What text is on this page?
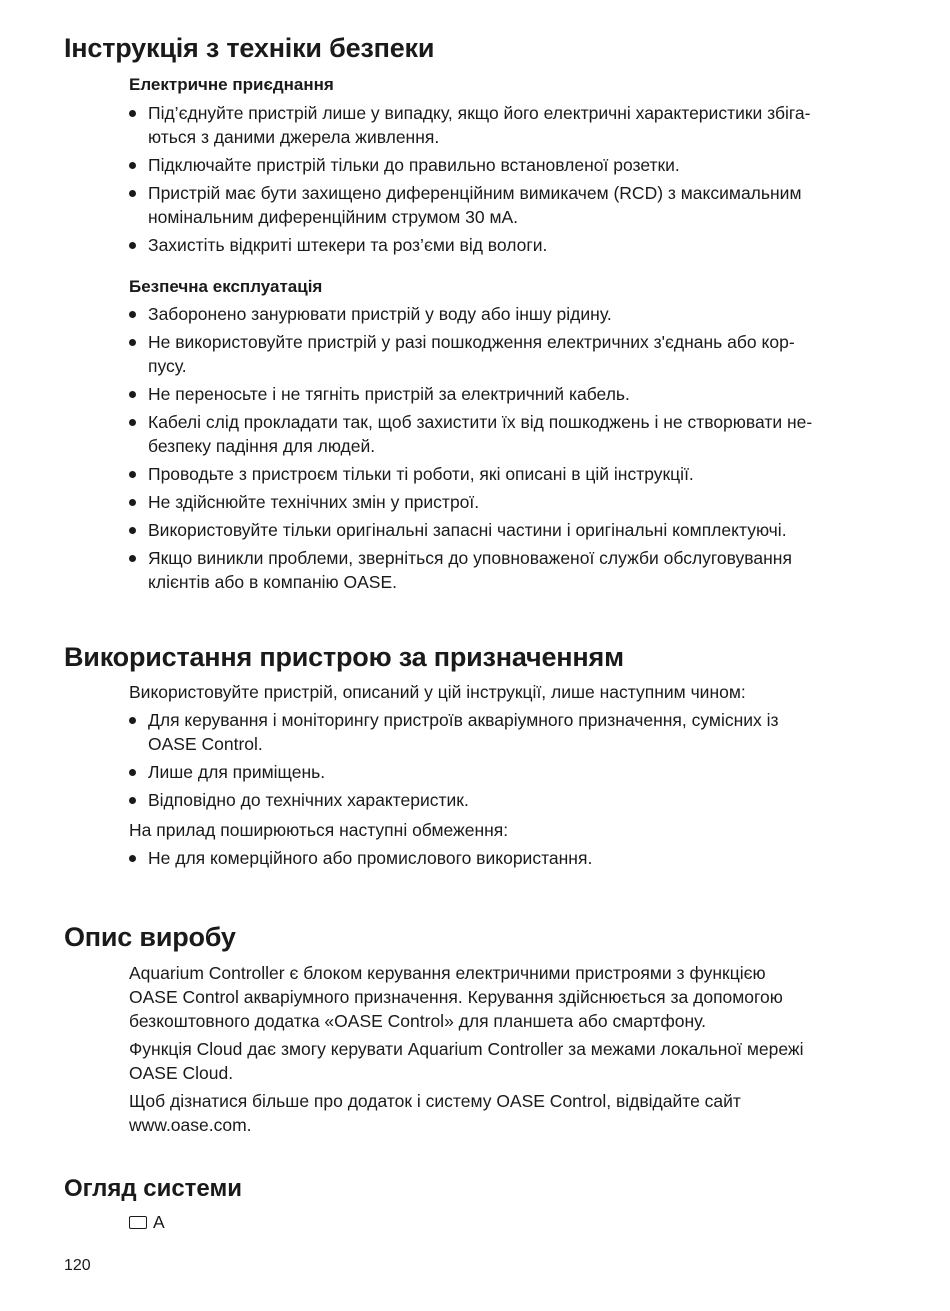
Інструкція з техніки безпеки
Електричне приєднання
Під’єднуйте пристрій лише у випадку, якщо його електричні характеристики збіга-
ються з даними джерела живлення.
Підключайте пристрій тільки до правильно встановленої розетки.
Пристрій має бути захищено диференційним вимикачем (RCD) з максимальним
номінальним диференційним струмом 30 мА.
Захистіть відкриті штекери та роз’єми від вологи.
Безпечна експлуатація
Заборонено занурювати пристрій у воду або іншу рідину.
Не використовуйте пристрій у разі пошкодження електричних з'єднань або кор-
пусу.
Не переносьте і не тягніть пристрій за електричний кабель.
Кабелі слід прокладати так, щоб захистити їх від пошкоджень і не створювати не-
безпеку падіння для людей.
Проводьте з пристроєм тільки ті роботи, які описані в цій інструкції.
Не здійснюйте технічних змін у пристрої.
Використовуйте тільки оригінальні запасні частини і оригінальні комплектуючі.
Якщо виникли проблеми, зверніться до уповноваженої служби обслуговування
клієнтів або в компанію OASE.
Використання пристрою за призначенням

Використовуйте пристрій, описаний у цій інструкції, лише наступним чином:

Для керування і моніторингу пристроїв акваріумного призначення, сумісних із
OASE Control.
Лише для приміщень.
Відповідно до технічних характеристик.

На прилад поширюються наступні обмеження:

Не для комерційного або промислового використання.
Опис виробу

Aquarium Controller є блоком керування електричними пристроями з функцією
OASE Control акваріумного призначення. Керування здійснюється за допомогою
безкоштовного додатка «OASE Control» для планшета або смартфону.

Функція Cloud дає змогу керувати Aquarium Controller за межами локальної мережі
OASE Cloud.

Щоб дізнатися більше про додаток і систему OASE Control, відвідайте сайт
www.oase.com.

Огляд системи
A
120
